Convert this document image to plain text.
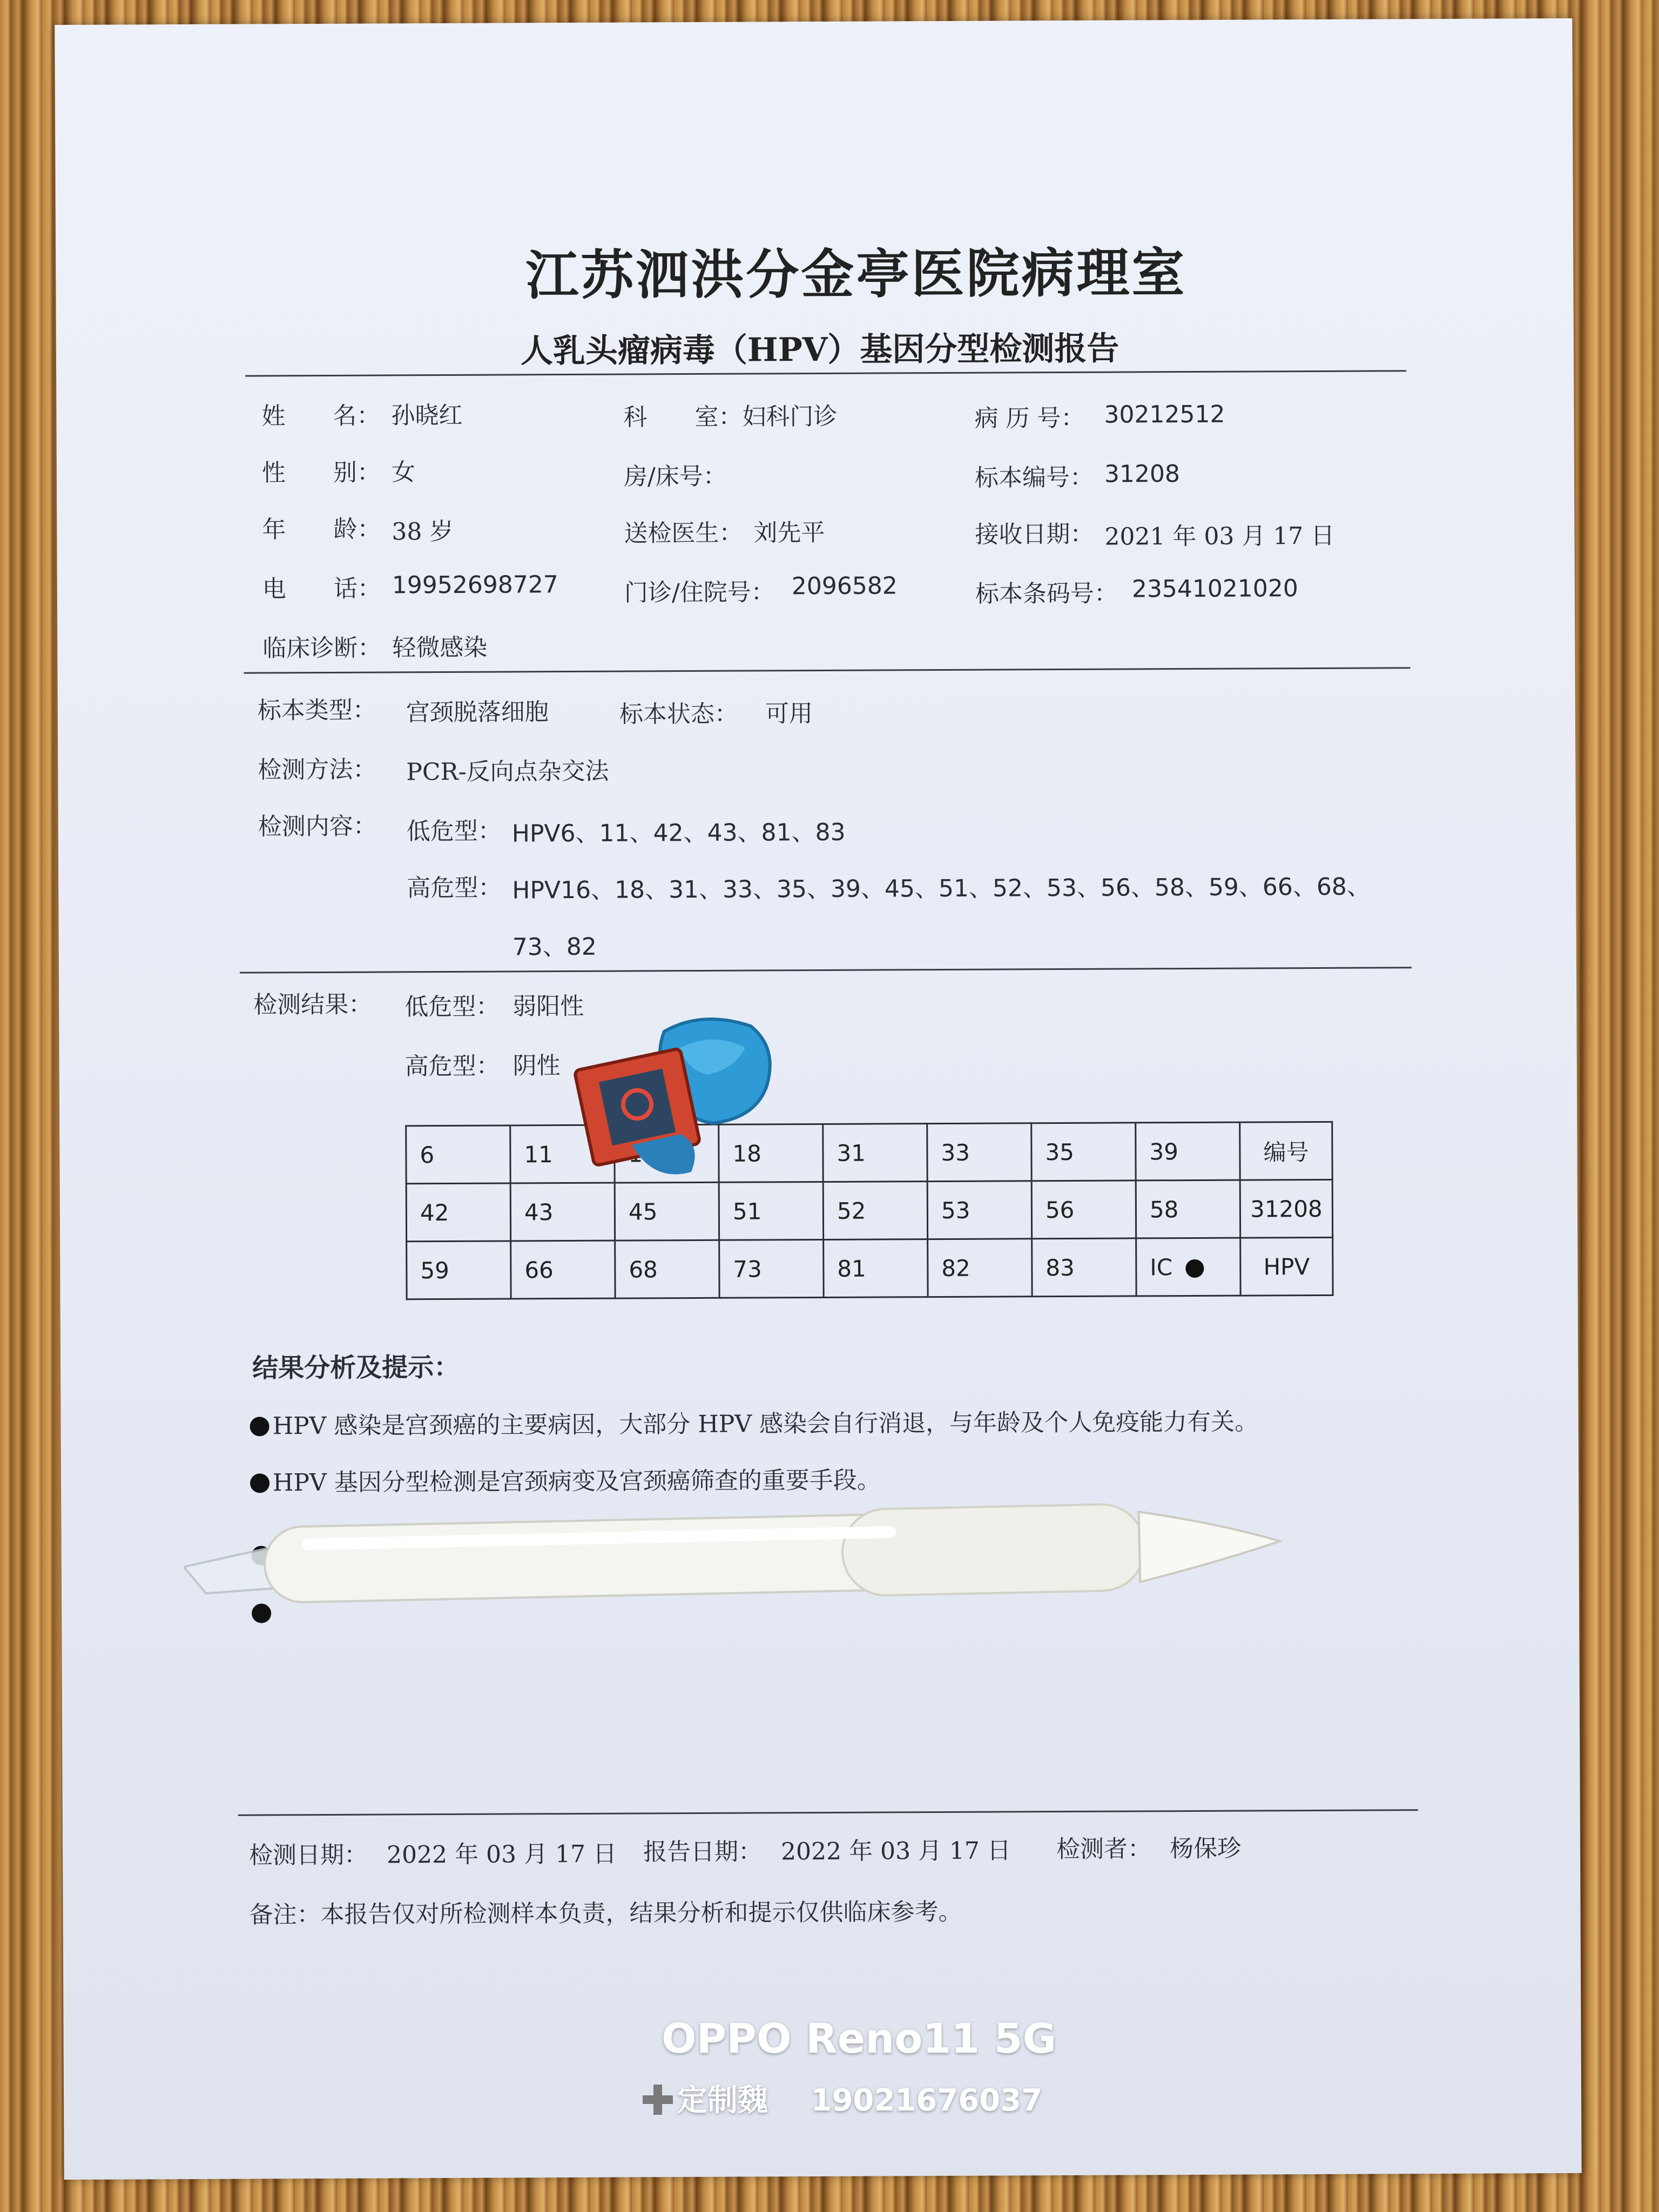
江苏泗洪分金亭医院病理室
人乳头瘤病毒（HPV）基因分型检测报告
姓　　名： 孙晓红	科　　室： 妇科门诊	病 历 号： 30212512
性　　别： 女	房/床号：	标本编号： 31208
年　　龄： 38 岁	送检医生： 刘先平	接收日期： 2021 年 03 月 17 日
电　　话： 19952698727	门诊/住院号： 2096582	标本条码号： 23541021020
临床诊断： 轻微感染
标本类型： 宫颈脱落细胞	标本状态： 可用
检测方法： PCR-反向点杂交法
检测内容： 低危型： HPV6、11、42、43、81、83
高危型： HPV16、18、31、33、35、39、45、51、52、53、56、58、59、66、68、
73、82
检测结果： 低危型： 弱阳性
高危型： 阴性
6	11		18	31	33	35	39	编号
42	43	45	51	52	53	56	58	31208
59	66	68	73	81	82	83	IC	HPV
结果分析及提示：
HPV 感染是宫颈癌的主要病因，大部分 HPV 感染会自行消退，与年龄及个人免疫能力有关。
HPV 基因分型检测是宫颈病变及宫颈癌筛查的重要手段。
检测日期： 2022 年 03 月 17 日 报告日期： 2022 年 03 月 17 日 检测者： 杨保珍
备注：本报告仅对所检测样本负责，结果分析和提示仅供临床参考。
OPPO Reno11 5G
定制魏 19021676037
